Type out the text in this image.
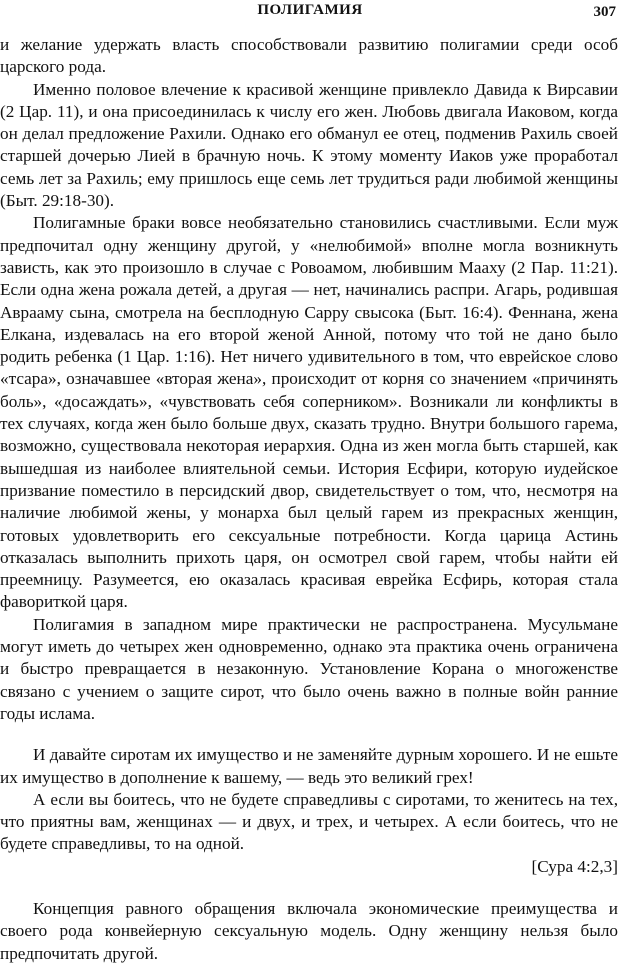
ПОЛИГАМИЯ	307

и желание удержать власть способствовали развитию полигамии среди особ царского рода.

Именно половое влечение к красивой женщине привлекло Давида к Вирсавии (2 Цар. 11), и она присоединилась к числу его жен. Любовь двигала Иаковом, когда он делал предложение Рахили. Однако его обманул ее отец, подменив Рахиль своей старшей дочерью Лией в брачную ночь. К этому моменту Иаков уже проработал семь лет за Рахиль; ему пришлось еще семь лет трудиться ради любимой женщины (Быт. 29:18-30).

Полигамные браки вовсе необязательно становились счастливыми. Если муж предпочитал одну женщину другой, у «нелюбимой» вполне могла возникнуть зависть, как это произошло в случае с Ровоамом, любившим Мааху (2 Пар. 11:21). Если одна жена рожала детей, а другая — нет, начинались распри. Агарь, родившая Аврааму сына, смотрела на бесплодную Сарру свысока (Быт. 16:4). Феннана, жена Елкана, издевалась на его второй женой Анной, потому что той не дано было родить ребенка (1 Цар. 1:16). Нет ничего удивительного в том, что еврейское слово «тсара», означавшее «вторая жена», происходит от корня со значением «причинять боль», «досаждать», «чувствовать себя соперником». Возникали ли конфликты в тех случаях, когда жен было больше двух, сказать трудно. Внутри большого гарема, возможно, существовала некоторая иерархия. Одна из жен могла быть старшей, как вышедшая из наиболее влиятельной семьи. История Есфири, которую иудейское призвание поместило в персидский двор, свидетельствует о том, что, несмотря на наличие любимой жены, у монарха был целый гарем из прекрасных женщин, готовых удовлетворить его сексуальные потребности. Когда царица Астинь отказалась выполнить прихоть царя, он осмотрел свой гарем, чтобы найти ей преемницу. Разумеется, ею оказалась красивая еврейка Есфирь, которая стала фавориткой царя.

Полигамия в западном мире практически не распространена. Мусульмане могут иметь до четырех жен одновременно, однако эта практика очень ограничена и быстро превращается в незаконную. Установление Корана о многоженстве связано с учением о защите сирот, что было очень важно в полные войн ранние годы ислама.

И давайте сиротам их имущество и не заменяйте дурным хорошего. И не ешьте их имущество в дополнение к вашему, — ведь это великий грех!

А если вы боитесь, что не будете справедливы с сиротами, то женитесь на тех, что приятны вам, женщинах — и двух, и трех, и четырех. А если боитесь, что не будете справедливы, то на одной.

[Сура 4:2,3]

Концепция равного обращения включала экономические преимущества и своего рода конвейерную сексуальную модель. Одну женщину нельзя было предпочитать другой.
